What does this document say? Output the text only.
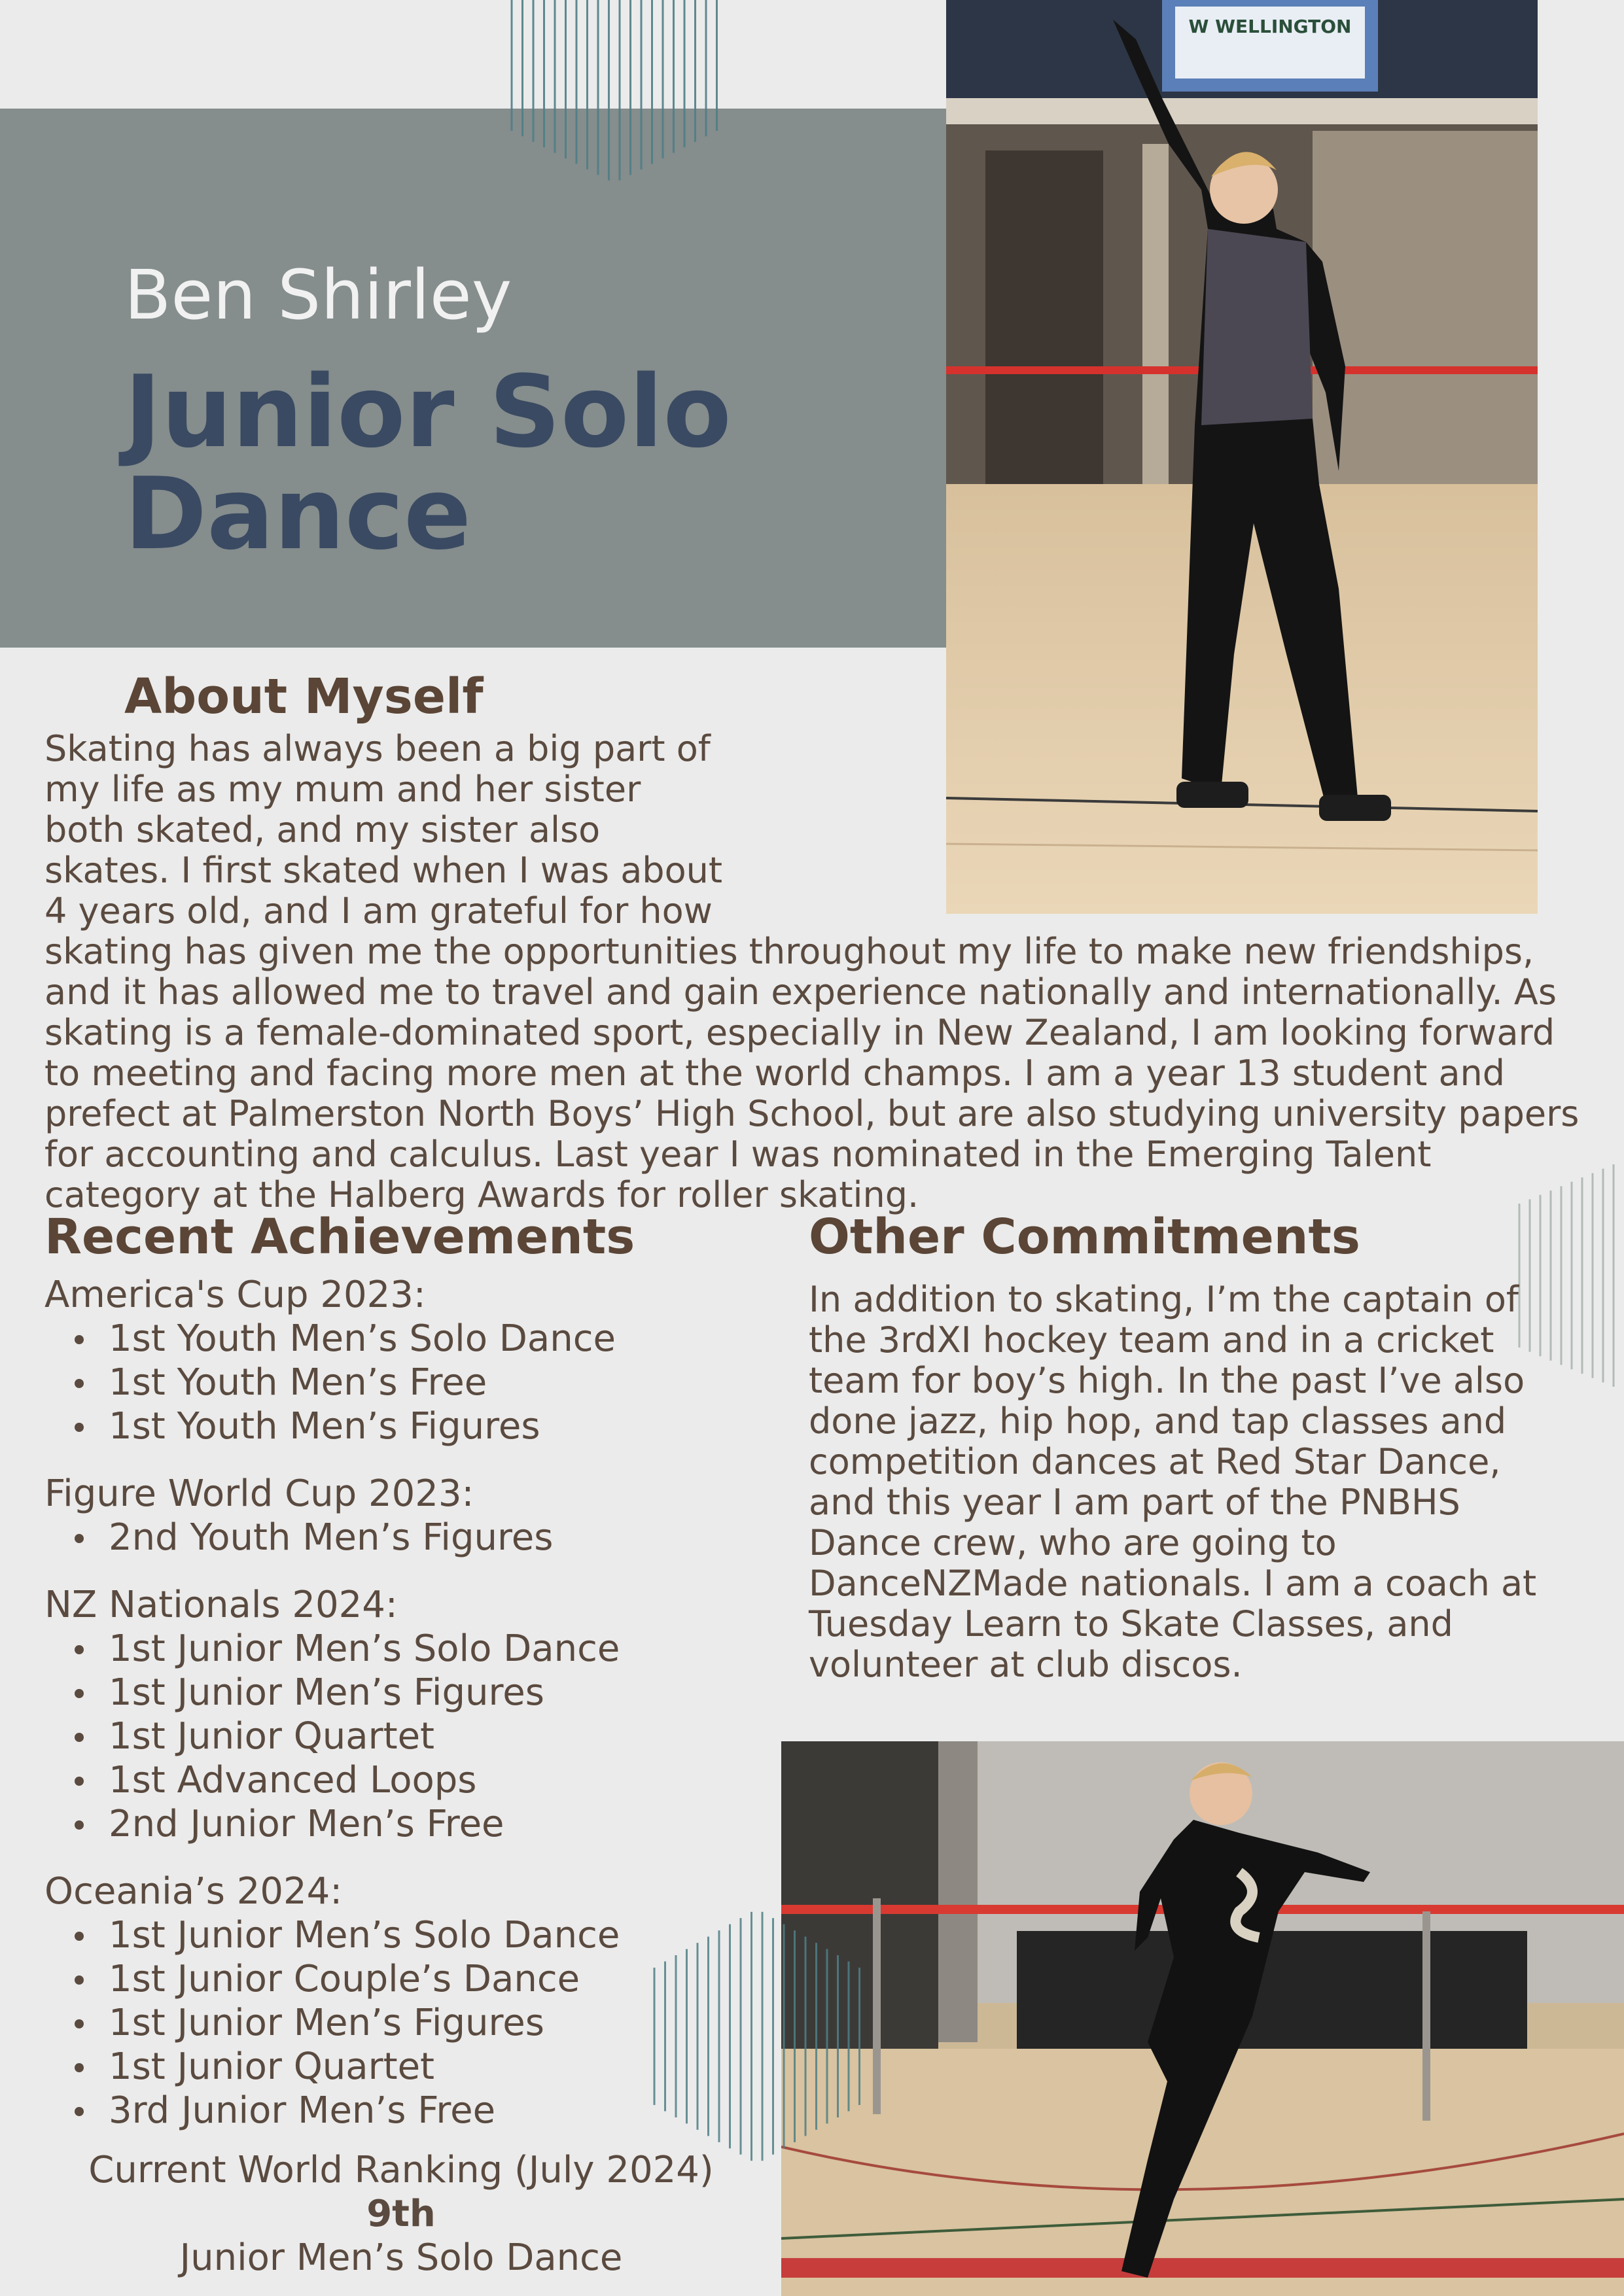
Ben Shirley
Junior Solo Dance
W WELLINGTON
About Myself
Skating has always been a big part of my life as my mum and her sister both skated, and my sister also skates. I first skated when I was about 4 years old, and I am grateful for how skating has given me the opportunities throughout my life to make new friendships, and it has allowed me to travel and gain experience nationally and internationally. As skating is a female-dominated sport, especially in New Zealand, I am looking forward to meeting and facing more men at the world champs. I am a year 13 student and prefect at Palmerston North Boys’ High School, but are also studying university papers for accounting and calculus. Last year I was nominated in the Emerging Talent category at the Halberg Awards for roller skating.
Recent Achievements

America's Cup 2023:

1st Youth Men’s Solo Dance
1st Youth Men’s Free
1st Youth Men’s Figures

Figure World Cup 2023:

2nd Youth Men’s Figures

NZ Nationals 2024:

1st Junior Men’s Solo Dance
1st Junior Men’s Figures
1st Junior Quartet
1st Advanced Loops
2nd Junior Men’s Free

Oceania’s 2024:

1st Junior Men’s Solo Dance
1st Junior Couple’s Dance
1st Junior Men’s Figures
1st Junior Quartet
3rd Junior Men’s Free
Other Commitments
In addition to skating, I’m the captain of the 3rdXI hockey team and in a cricket team for boy’s high. In the past I’ve also done jazz, hip hop, and tap classes and competition dances at Red Star Dance, and this year I am part of the PNBHS Dance crew, who are going to DanceNZMade nationals. I am a coach at Tuesday Learn to Skate Classes, and volunteer at club discos.
Current World Ranking (July 2024)
9th
Junior Men’s Solo Dance
